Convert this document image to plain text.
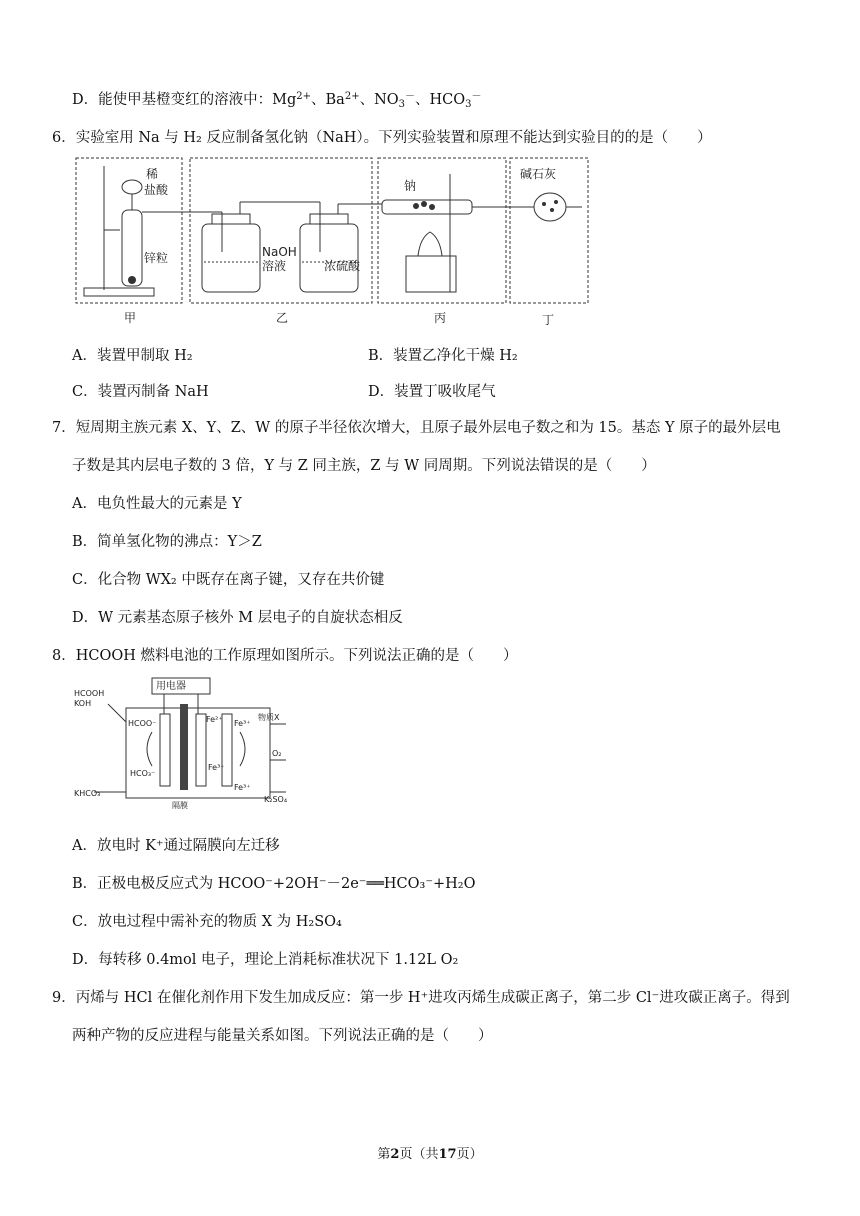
D．能使甲基橙变红的溶液中：$Mg^{2+}$、$Ba^{2+}$、$NO_3^-$、$HCO_3^-$
6．实验室用 Na 与 H₂ 反应制备氢化钠（NaH）。下列实验装置和原理不能达到实验目的的是（　　）
稀
盐酸
锌粒	NaOH
溶液	浓硫酸
钠
碱石灰
甲	乙	丙	丁
A．装置甲制取 H₂	B．装置乙净化干燥 H₂
C．装置丙制备 NaH	D．装置丁吸收尾气
7．短周期主族元素 X、Y、Z、W 的原子半径依次增大，且原子最外层电子数之和为 15。基态 Y 原子的最外层电
子数是其内层电子数的 3 倍，Y 与 Z 同主族，Z 与 W 同周期。下列说法错误的是（　　）
A．电负性最大的元素是 Y
B．简单氢化物的沸点：Y＞Z
C．化合物 WX₂ 中既存在离子键，又存在共价键
D．W 元素基态原子核外 M 层电子的自旋状态相反
8．HCOOH 燃料电池的工作原理如图所示。下列说法正确的是（　　）
用电器
HCOOH
KOH
HCOO⁻
HCO₃⁻
KHCO₃
隔膜
Fe²⁺ Fe³⁺
Fe³⁺
Fe³⁺
物质X
O₂
K₂SO₄
A．放电时 K⁺通过隔膜向左迁移
B．正极电极反应式为 HCOO⁻+2OH⁻－2e⁻══HCO₃⁻+H₂O
C．放电过程中需补充的物质 X 为 H₂SO₄
D．每转移 0.4mol 电子，理论上消耗标准状况下 1.12L O₂
9．丙烯与 HCl 在催化剂作用下发生加成反应：第一步 H⁺进攻丙烯生成碳正离子，第二步 Cl⁻进攻碳正离子。得到
两种产物的反应进程与能量关系如图。下列说法正确的是（　　）
第2页（共17页）
